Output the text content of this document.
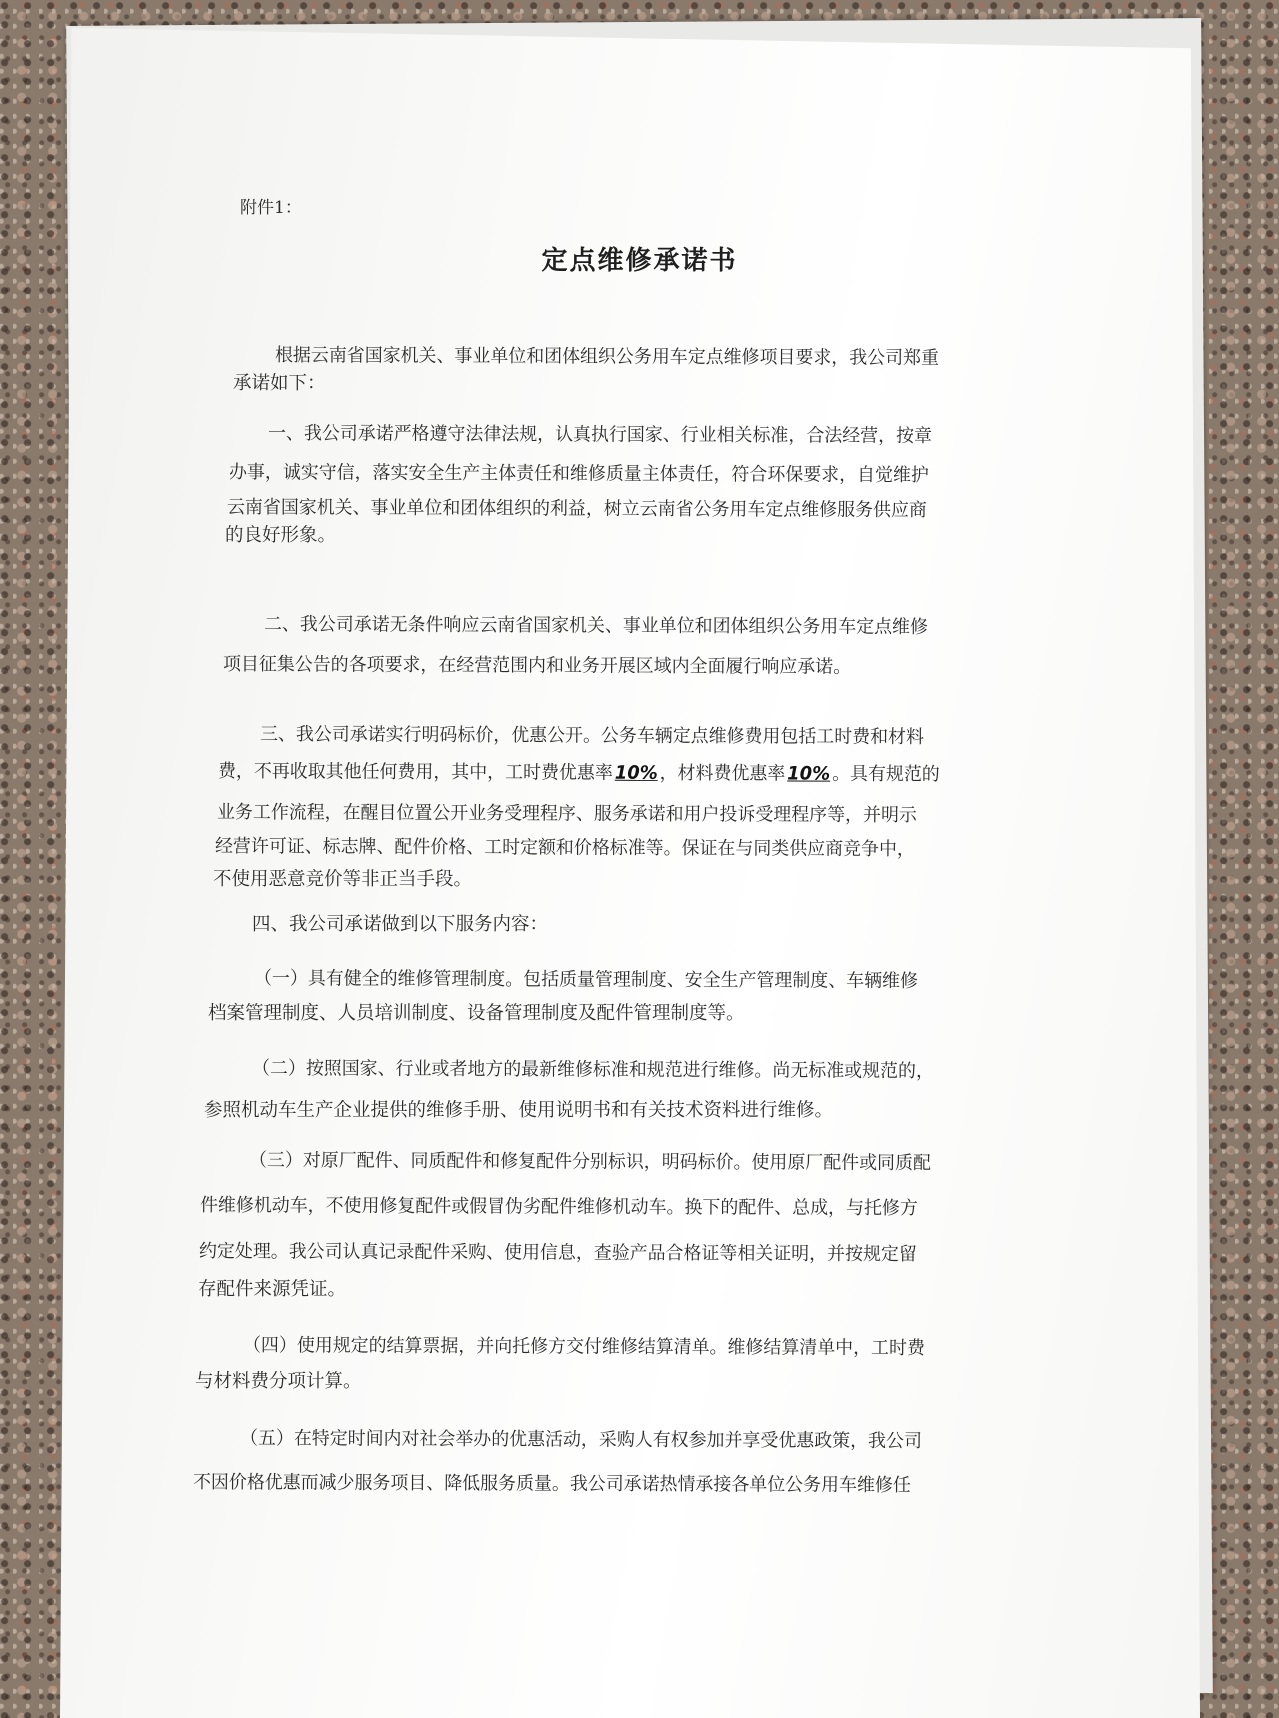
附件1：
定点维修承诺书
根据云南省国家机关、事业单位和团体组织公务用车定点维修项目要求，我公司郑重
承诺如下：
一、我公司承诺严格遵守法律法规，认真执行国家、行业相关标准，合法经营，按章
办事，诚实守信，落实安全生产主体责任和维修质量主体责任，符合环保要求，自觉维护
云南省国家机关、事业单位和团体组织的利益，树立云南省公务用车定点维修服务供应商
的良好形象。
二、我公司承诺无条件响应云南省国家机关、事业单位和团体组织公务用车定点维修
项目征集公告的各项要求，在经营范围内和业务开展区域内全面履行响应承诺。
三、我公司承诺实行明码标价，优惠公开。公务车辆定点维修费用包括工时费和材料
费，不再收取其他任何费用，其中，工时费优惠率10%，材料费优惠率10%。具有规范的
业务工作流程，在醒目位置公开业务受理程序、服务承诺和用户投诉受理程序等，并明示
经营许可证、标志牌、配件价格、工时定额和价格标准等。保证在与同类供应商竞争中，
不使用恶意竞价等非正当手段。
四、我公司承诺做到以下服务内容：
（一）具有健全的维修管理制度。包括质量管理制度、安全生产管理制度、车辆维修
档案管理制度、人员培训制度、设备管理制度及配件管理制度等。
（二）按照国家、行业或者地方的最新维修标准和规范进行维修。尚无标准或规范的，
参照机动车生产企业提供的维修手册、使用说明书和有关技术资料进行维修。
（三）对原厂配件、同质配件和修复配件分别标识，明码标价。使用原厂配件或同质配
件维修机动车，不使用修复配件或假冒伪劣配件维修机动车。换下的配件、总成，与托修方
约定处理。我公司认真记录配件采购、使用信息，查验产品合格证等相关证明，并按规定留
存配件来源凭证。
（四）使用规定的结算票据，并向托修方交付维修结算清单。维修结算清单中，工时费
与材料费分项计算。
（五）在特定时间内对社会举办的优惠活动，采购人有权参加并享受优惠政策，我公司
不因价格优惠而减少服务项目、降低服务质量。我公司承诺热情承接各单位公务用车维修任
